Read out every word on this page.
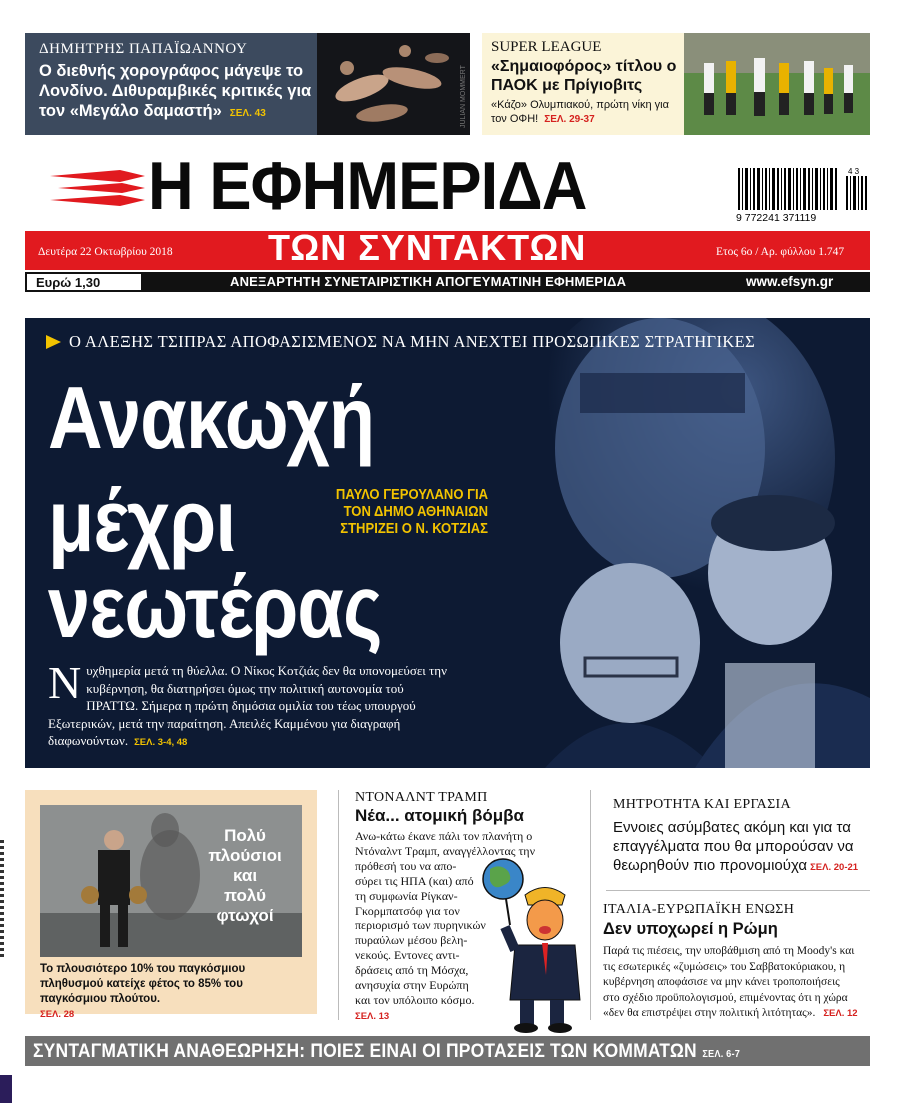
ΔΗΜΗΤΡΗΣ ΠΑΠΑΪΩΑΝΝΟΥ
Ο διεθνής χορογράφος μάγεψε το Λονδίνο. Διθυραμβικές κριτικές για τον «Μεγάλο δαμαστή» ΣΕΛ. 43	JULIAN MOMMERT
SUPER LEAGUE
«Σημαιοφόρος» τίτλου ο ΠΑΟΚ με Πρίγιοβιτς
«Κάζο» Ολυμπιακού, πρώτη νίκη για τον ΟΦΗ! ΣΕΛ. 29-37
Η ΕΦΗΜΕΡΙΔΑ	4 3
9 772241 371119
Δευτέρα 22 Οκτωβρίου 2018	ΤΩΝ ΣΥΝΤΑΚΤΩΝ	Ετος 6ο / Αρ. φύλλου 1.747
Ευρώ 1,30	ΑΝΕΞΑΡΤΗΤΗ ΣΥΝΕΤΑΙΡΙΣΤΙΚΗ ΑΠΟΓΕΥΜΑΤΙΝΗ ΕΦΗΜΕΡΙΔΑ	www.efsyn.gr
Ο ΑΛΕΞΗΣ ΤΣΙΠΡΑΣ ΑΠΟΦΑΣΙΣΜΕΝΟΣ ΝΑ ΜΗΝ ΑΝΕΧΤΕΙ ΠΡΟΣΩΠΙΚΕΣ ΣΤΡΑΤΗΓΙΚΕΣ
Ανακωχή
μέχρι
νεωτέρας
ΠΑΥΛΟ ΓΕΡΟΥΛΑΝΟ ΓΙΑ
ΤΟΝ ΔΗΜΟ ΑΘΗΝΑΙΩΝ
ΣΤΗΡΙΖΕΙ Ο Ν. ΚΟΤΖΙΑΣ
Νυχθημερία μετά τη θύελλα. Ο Νίκος Κοτζιάς δεν θα υπονομεύσει την κυβέρνηση, θα διατηρήσει όμως την πολιτική αυτονομία τού ΠΡΑΤΤΩ. Σήμερα η πρώτη δημόσια ομιλία του τέως υπουργού Εξωτερικών, μετά την παραίτηση. Απειλές Καμμένου για διαγραφή διαφωνούντων. ΣΕΛ. 3-4, 48
Πολύ
πλούσιοι
και
πολύ
φτωχοί
Το πλουσιότερο 10% του παγκόσμιου πληθυσμού κατείχε φέτος το 85% του παγκόσμιου πλούτου.
ΣΕΛ. 28
ΝΤΟΝΑΛΝΤ ΤΡΑΜΠ
Νέα... ατομική βόμβα
Ανω-κάτω έκανε πάλι τον πλανήτη ο
Ντόναλντ Τραμπ, αναγγέλλοντας την
πρόθεσή του να απο-
σύρει τις ΗΠΑ (και) από
τη συμφωνία Ρίγκαν-
Γκορμπατσόφ για τον
περιορισμό των πυρηνικών
πυραύλων μέσου βελη-
νεκούς. Εντονες αντι-
δράσεις από τη Μόσχα,
ανησυχία στην Ευρώπη
και τον υπόλοιπο κόσμο.
ΣΕΛ. 13
ΜΗΤΡΟΤΗΤΑ ΚΑΙ ΕΡΓΑΣΙΑ
Εννοιες ασύμβατες ακόμη και για τα επαγγέλματα που θα μπορούσαν να θεωρηθούν πιο προνομιούχα ΣΕΛ. 20-21
ΙΤΑΛΙΑ-ΕΥΡΩΠΑΪΚΗ ΕΝΩΣΗ
Δεν υποχωρεί η Ρώμη
Παρά τις πιέσεις, την υποβάθμιση από τη Moody's και
τις εσωτερικές «ζυμώσεις» του Σαββατοκύριακου, η
κυβέρνηση αποφάσισε να μην κάνει τροποποιήσεις
στο σχέδιο προϋπολογισμού, επιμένοντας ότι η χώρα
«δεν θα επιστρέψει στην πολιτική λιτότητας». ΣΕΛ. 12
ΣΥΝΤΑΓΜΑΤΙΚΗ ΑΝΑΘΕΩΡΗΣΗ: ΠΟΙΕΣ ΕΙΝΑΙ ΟΙ ΠΡΟΤΑΣΕΙΣ ΤΩΝ ΚΟΜΜΑΤΩΝ ΣΕΛ. 6-7
